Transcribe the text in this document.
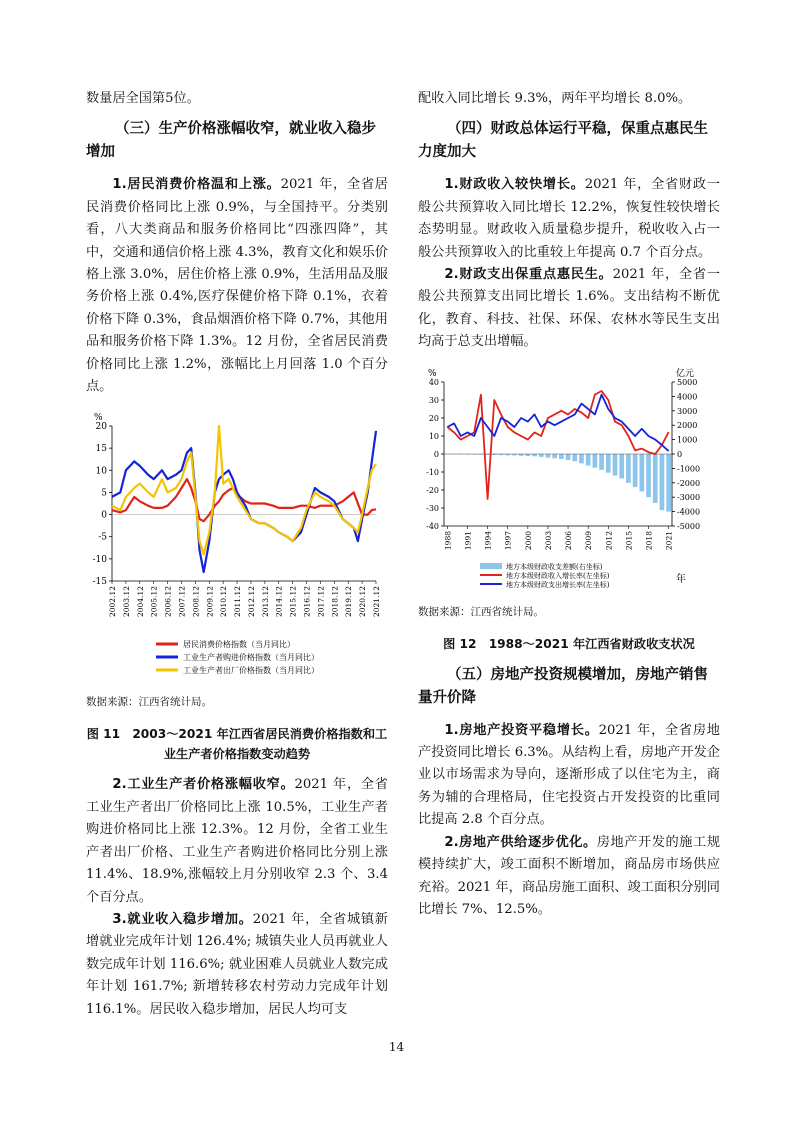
数量居全国第5位。

（三）生产价格涨幅收窄，就业收入稳步增加

1.居民消费价格温和上涨。2021 年，全省居民消费价格同比上涨 0.9%，与全国持平。分类别看，八大类商品和服务价格同比“四涨四降”，其中，交通和通信价格上涨 4.3%，教育文化和娱乐价格上涨 3.0%，居住价格上涨 0.9%，生活用品及服务价格上涨 0.4%,医疗保健价格下降 0.1%，衣着价格下降 0.3%，食品烟酒价格下降 0.7%，其他用品和服务价格下降 1.3%。12 月份，全省居民消费价格同比上涨 1.2%，涨幅比上月回落 1.0 个百分点。

%
20
15
10
5
0
-5
-10
-15
2002.12 2003.12 2004.12 2005.12 2006.12 2007.12 2008.12 2009.12 2010.12 2011.12 2012.12 2013.12 2014.12 2015.12 2016.12 2017.12 2018.12 2019.12 2020.12 2021.12
居民消费价格指数（当月同比）
工业生产者购进价格指数（当月同比）
工业生产者出厂价格指数（当月同比）

数据来源：江西省统计局。

图 11　2003～2021 年江西省居民消费价格指数和工业生产者价格指数变动趋势

2.工业生产者价格涨幅收窄。2021 年，全省工业生产者出厂价格同比上涨 10.5%，工业生产者购进价格同比上涨 12.3%。12 月份，全省工业生产者出厂价格、工业生产者购进价格同比分别上涨 11.4%、18.9%,涨幅较上月分别收窄 2.3 个、3.4 个百分点。

3.就业收入稳步增加。2021 年，全省城镇新增就业完成年计划 126.4%; 城镇失业人员再就业人数完成年计划 116.6%; 就业困难人员就业人数完成年计划 161.7%; 新增转移农村劳动力完成年计划 116.1%。居民收入稳步增加，居民人均可支

配收入同比增长 9.3%，两年平均增长 8.0%。

（四）财政总体运行平稳，保重点惠民生力度加大

1.财政收入较快增长。2021 年，全省财政一般公共预算收入同比增长 12.2%，恢复性较快增长态势明显。财政收入质量稳步提升，税收收入占一般公共预算收入的比重较上年提高 0.7 个百分点。

2.财政支出保重点惠民生。2021 年，全省一般公共预算支出同比增长 1.6%。支出结构不断优化，教育、科技、社保、环保、农林水等民生支出均高于总支出增幅。

%	亿元
40
30
20
10
0
-10
-20
-30
-40
5000
4000
3000
2000
1000
0
-1000
-2000
-3000
-4000
-5000
1988 1991 1994 1997 2000 2003 2006 2009 2012 2015 2018 2021
年
地方本级财政收支差额(右坐标)
地方本级财政收入增长率(左坐标)
地方本级财政支出增长率(左坐标)

数据来源：江西省统计局。

图 12　1988～2021 年江西省财政收支状况
（五）房地产投资规模增加，房地产销售量升价降

1.房地产投资平稳增长。2021 年，全省房地产投资同比增长 6.3%。从结构上看，房地产开发企业以市场需求为导向，逐渐形成了以住宅为主，商务为辅的合理格局，住宅投资占开发投资的比重同比提高 2.8 个百分点。

2.房地产供给逐步优化。房地产开发的施工规模持续扩大，竣工面积不断增加，商品房市场供应充裕。2021 年，商品房施工面积、竣工面积分别同比增长 7%、12.5%。

14
